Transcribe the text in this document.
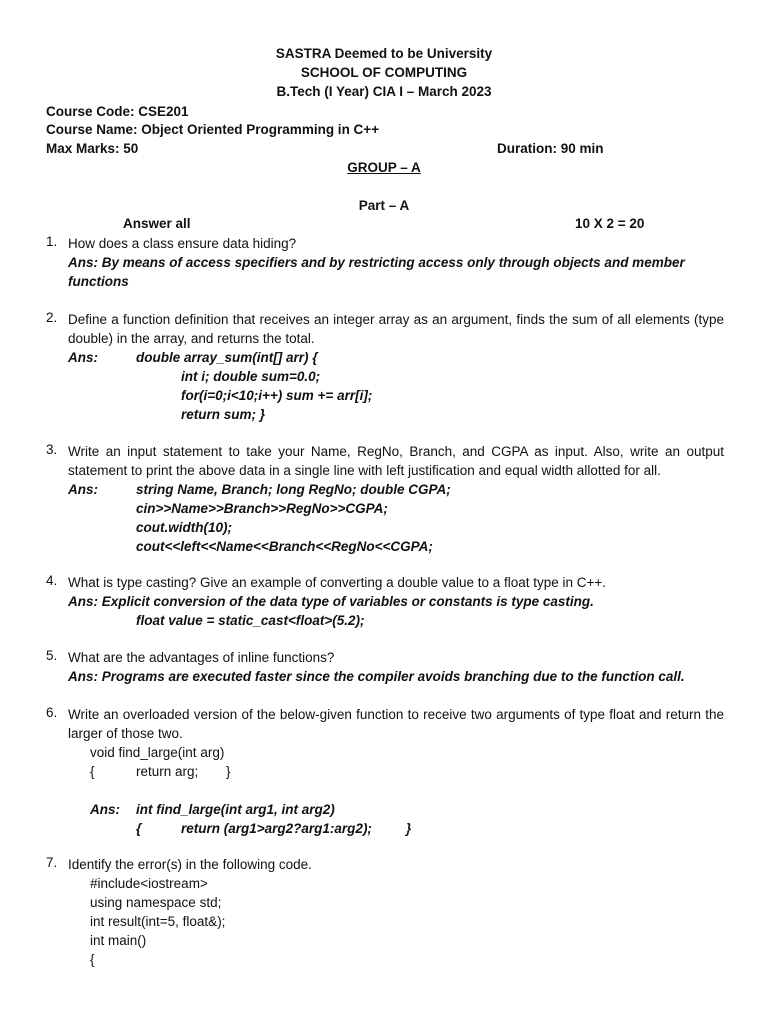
SASTRA Deemed to be University
SCHOOL OF COMPUTING
B.Tech (I Year) CIA I – March 2023
Course Code: CSE201
Course Name: Object Oriented Programming in C++
Max Marks: 50	Duration: 90 min
GROUP – A
Part – A
Answer all	10 X 2 = 20
1. How does a class ensure data hiding?
Ans: By means of access specifiers and by restricting access only through objects and member
functions
2. Define a function definition that receives an integer array as an argument, finds the sum of all elements (type double) in the array, and returns the total.
Ans:	double array_sum(int[] arr) {
int i; double sum=0.0;
for(i=0;i<10;i++) sum += arr[i];
return sum; }
3. Write an input statement to take your Name, RegNo, Branch, and CGPA as input. Also, write an output statement to print the above data in a single line with left justification and equal width allotted for all.
Ans:	string Name, Branch; long RegNo; double CGPA;
cin>>Name>>Branch>>RegNo>>CGPA;
cout.width(10);
cout<<left<<Name<<Branch<<RegNo<<CGPA;
4. What is type casting? Give an example of converting a double value to a float type in C++.
Ans: Explicit conversion of the data type of variables or constants is type casting.
float value = static_cast<float>(5.2);
5. What are the advantages of inline functions?
Ans: Programs are executed faster since the compiler avoids branching due to the function call.
6. Write an overloaded version of the below-given function to receive two arguments of type float and return the larger of those two.
void find_large(int arg)
{	return arg; }
Ans: int find_large(int arg1, int arg2)
{	return (arg1>arg2?arg1:arg2);	}
7. Identify the error(s) in the following code.
#include<iostream>
using namespace std;
int result(int=5, float&);
int main()
{
